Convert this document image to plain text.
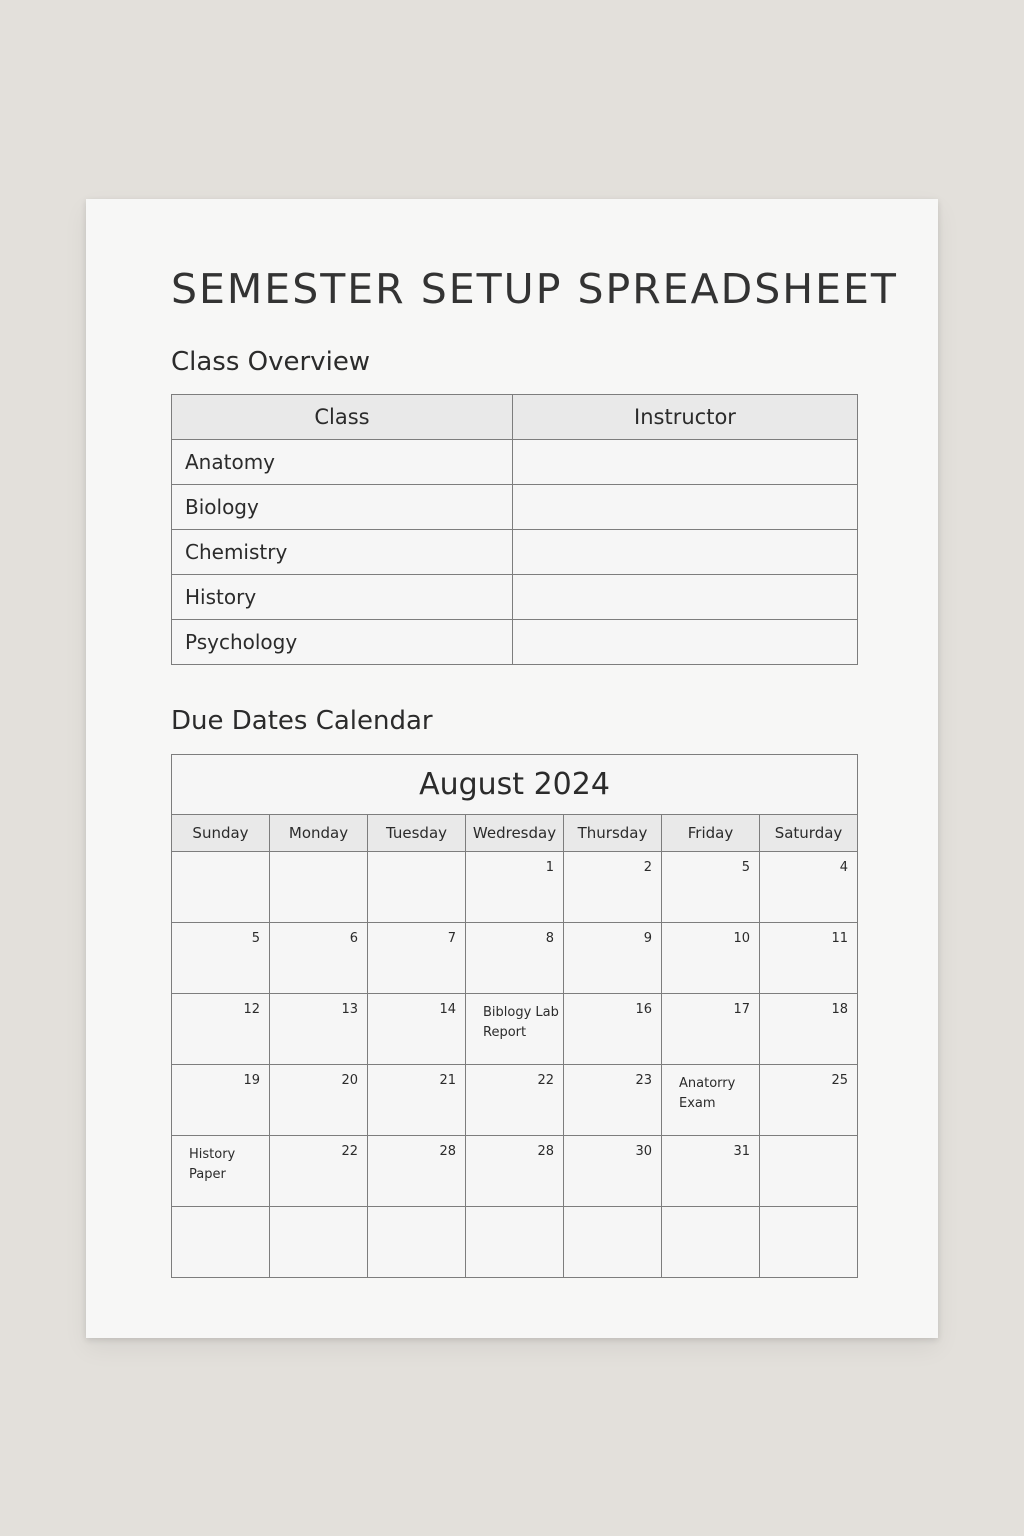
SEMESTER SETUP SPREADSHEET
Class Overview
Class	Instructor
Anatomy	
Biology	
Chemistry	
History	
Psychology	
Due Dates Calendar
August 2024						
Sunday	Monday	Tuesday	Wedresday	Thursday	Friday	Saturday

			1	2	5	4

5	6	7	8	9	10	11

12	13	14	Biblogy Lab Report	16	17	18

19	20	21	22	23	Anatorry Exam	25

History Paper	22	28	28	30	31	
